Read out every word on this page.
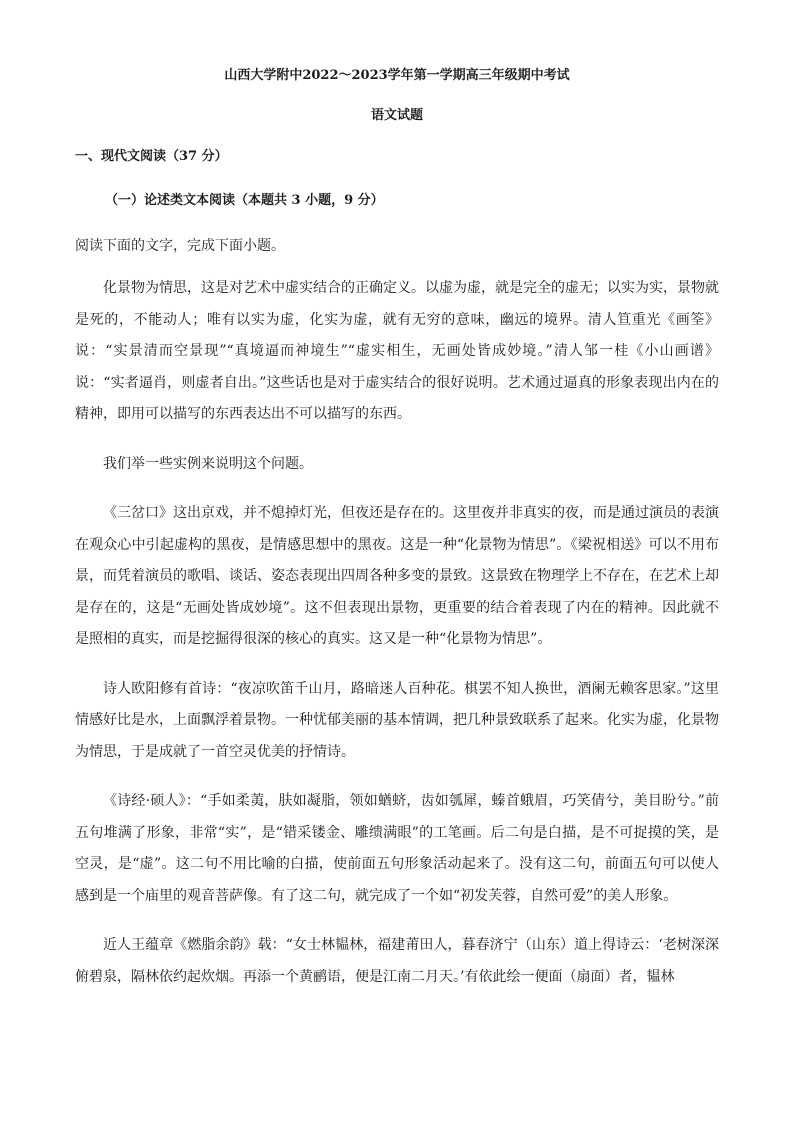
山西大学附中2022～2023学年第一学期高三年级期中考试
语文试题
一、现代文阅读（37 分）
（一）论述类文本阅读（本题共 3 小题，9 分）
阅读下面的文字，完成下面小题。

化景物为情思，这是对艺术中虚实结合的正确定义。以虚为虚，就是完全的虚无；以实为实，景物就是死的，不能动人；唯有以实为虚，化实为虚，就有无穷的意味，幽远的境界。清人笪重光《画筌》说：“实景清而空景现”“真境逼而神境生”“虚实相生，无画处皆成妙境。”清人邹一桂《小山画谱》说：“实者逼肖，则虚者自出。”这些话也是对于虚实结合的很好说明。艺术通过逼真的形象表现出内在的精神，即用可以描写的东西表达出不可以描写的东西。

我们举一些实例来说明这个问题。

《三岔口》这出京戏，并不熄掉灯光，但夜还是存在的。这里夜并非真实的夜，而是通过演员的表演在观众心中引起虚构的黑夜，是情感思想中的黑夜。这是一种“化景物为情思”。《梁祝相送》可以不用布景，而凭着演员的歌唱、谈话、姿态表现出四周各种多变的景致。这景致在物理学上不存在，在艺术上却是存在的，这是“无画处皆成妙境”。这不但表现出景物，更重要的结合着表现了内在的精神。因此就不是照相的真实，而是挖掘得很深的核心的真实。这又是一种“化景物为情思”。

诗人欧阳修有首诗：“夜凉吹笛千山月，路暗迷人百种花。棋罢不知人换世，酒阑无赖客思家。”这里情感好比是水，上面飘浮着景物。一种忧郁美丽的基本情调，把几种景致联系了起来。化实为虚，化景物为情思，于是成就了一首空灵优美的抒情诗。

《诗经·硕人》：“手如柔荑，肤如凝脂，领如蝤蛴，齿如瓠犀，螓首蛾眉，巧笑倩兮，美目盼兮。”前五句堆满了形象，非常“实”，是“错采镂金、雕缋满眼”的工笔画。后二句是白描，是不可捉摸的笑，是空灵，是“虚”。这二句不用比喻的白描，使前面五句形象活动起来了。没有这二句，前面五句可以使人感到是一个庙里的观音菩萨像。有了这二句，就完成了一个如“初发芙蓉，自然可爱”的美人形象。

近人王蕴章《燃脂余韵》载：“女士林韫林，福建莆田人，暮春济宁（山东）道上得诗云：‘老树深深俯碧泉，隔林依约起炊烟。再添一个黄鹂语，便是江南二月天。’有依此绘一便面（扇面）者，韫林
